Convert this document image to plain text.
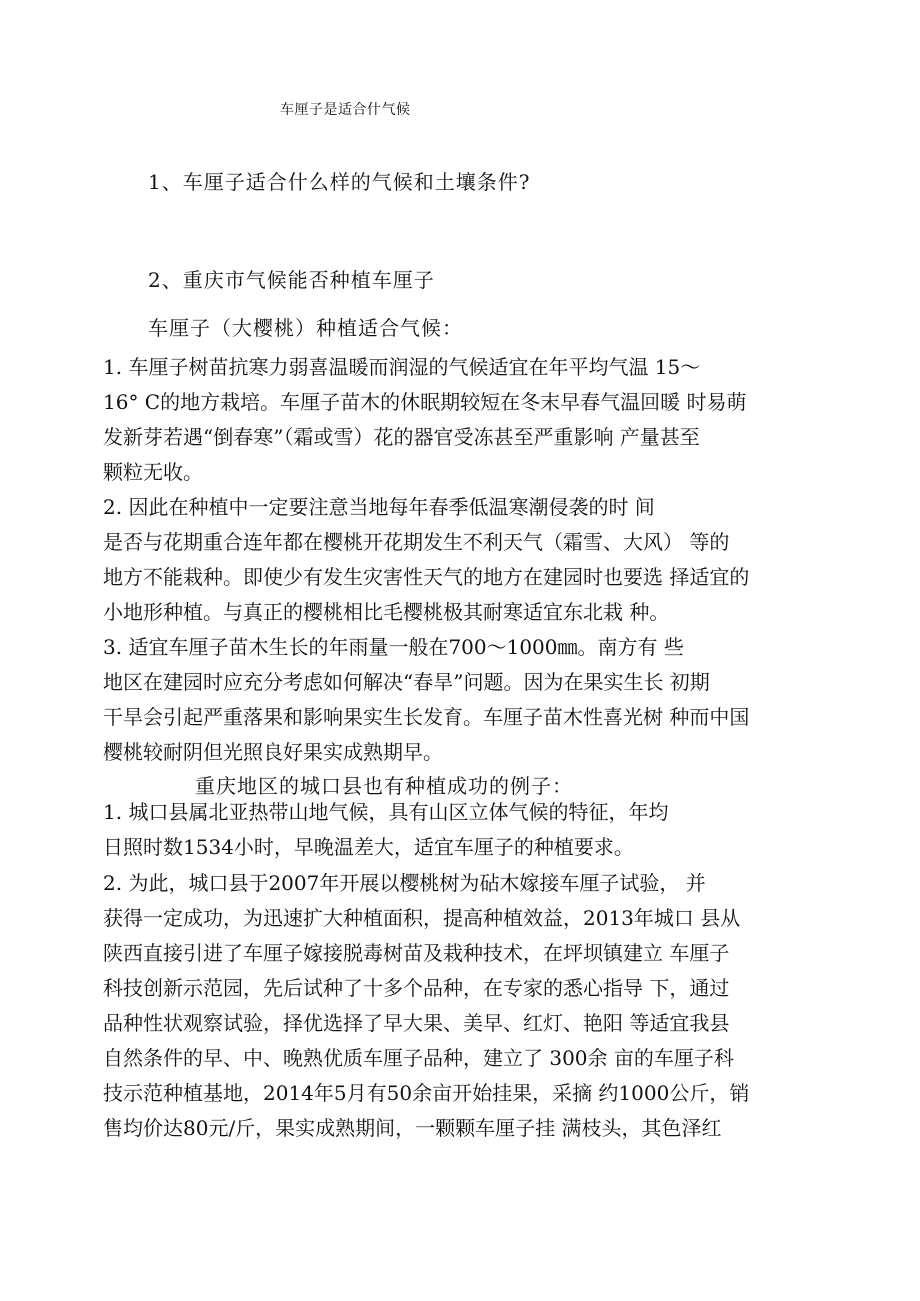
车厘子是适合什气候
1、车厘子适合什么样的气候和土壤条件?
2、重庆市气候能否种植车厘子
车厘子（大樱桃）种植适合气候：
1. 车厘子树苗抗寒力弱喜温暖而润湿的气候适宜在年平均气温 15～
16° C的地方栽培。车厘子苗木的休眠期较短在冬末早春气温回暖 时易萌
发新芽若遇“倒春寒”（霜或雪）花的器官受冻甚至严重影响 产量甚至
颗粒无收。
2. 因此在种植中一定要注意当地每年春季低温寒潮侵袭的时 间
是否与花期重合连年都在樱桃开花期发生不利天气（霜雪、大风） 等的
地方不能栽种。即使少有发生灾害性天气的地方在建园时也要选 择适宜的
小地形种植。与真正的樱桃相比毛樱桃极其耐寒适宜东北栽 种。
3. 适宜车厘子苗木生长的年雨量一般在700～1000㎜。南方有 些
地区在建园时应充分考虑如何解决“春旱”问题。因为在果实生长 初期
干旱会引起严重落果和影响果实生长发育。车厘子苗木性喜光树 种而中国
樱桃较耐阴但光照良好果实成熟期早。
重庆地区的城口县也有种植成功的例子：
1. 城口县属北亚热带山地气候，具有山区立体气候的特征，年均
日照时数1534小时，早晚温差大，适宜车厘子的种植要求。
2. 为此，城口县于2007年开展以樱桃树为砧木嫁接车厘子试验， 并
获得一定成功，为迅速扩大种植面积，提高种植效益，2013年城口 县从
陕西直接引进了车厘子嫁接脱毒树苗及栽种技术，在坪坝镇建立 车厘子
科技创新示范园，先后试种了十多个品种，在专家的悉心指导 下，通过
品种性状观察试验，择优选择了早大果、美早、红灯、艳阳 等适宜我县
自然条件的早、中、晚熟优质车厘子品种，建立了 300余 亩的车厘子科
技示范种植基地，2014年5月有50余亩开始挂果，采摘 约1000公斤，销
售均价达80元/斤，果实成熟期间，一颗颗车厘子挂 满枝头，其色泽红
